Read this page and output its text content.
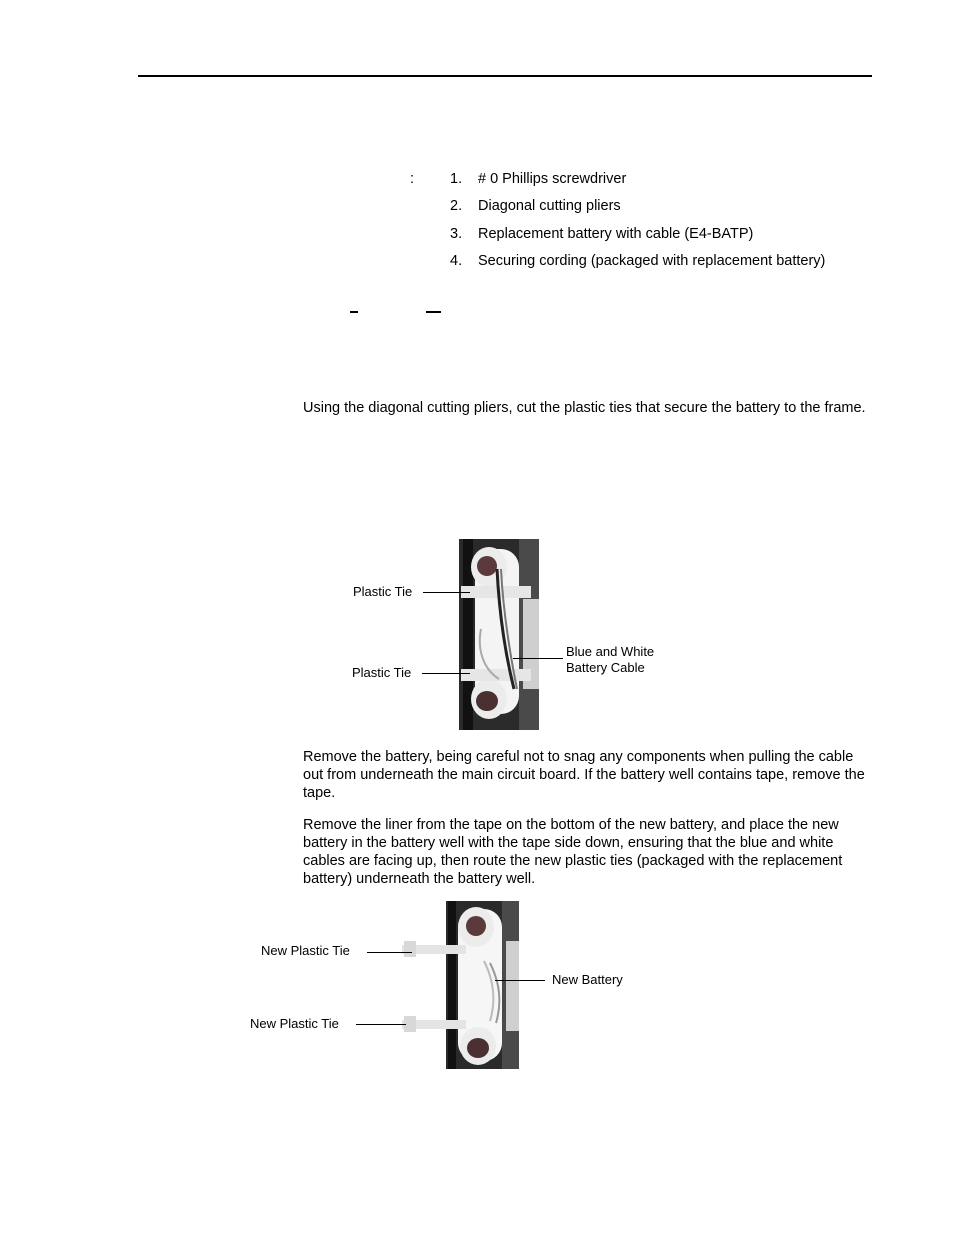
: 1. # 0 Phillips screwdriver
2. Diagonal cutting pliers
3. Replacement battery with cable (E4-BATP)
4. Securing cording (packaged with replacement battery)

Using the diagonal cutting pliers, cut the plastic ties that secure the battery to the frame.

Plastic Tie
Plastic Tie
Blue and White
Battery Cable

Remove the battery, being careful not to snag any components when pulling the cable out from underneath the main circuit board. If the battery well contains tape, remove the tape.

Remove the liner from the tape on the bottom of the new battery, and place the new battery in the battery well with the tape side down, ensuring that the blue and white cables are facing up, then route the new plastic ties (packaged with the replacement battery) underneath the battery well.

New Plastic Tie
New Plastic Tie
New Battery
